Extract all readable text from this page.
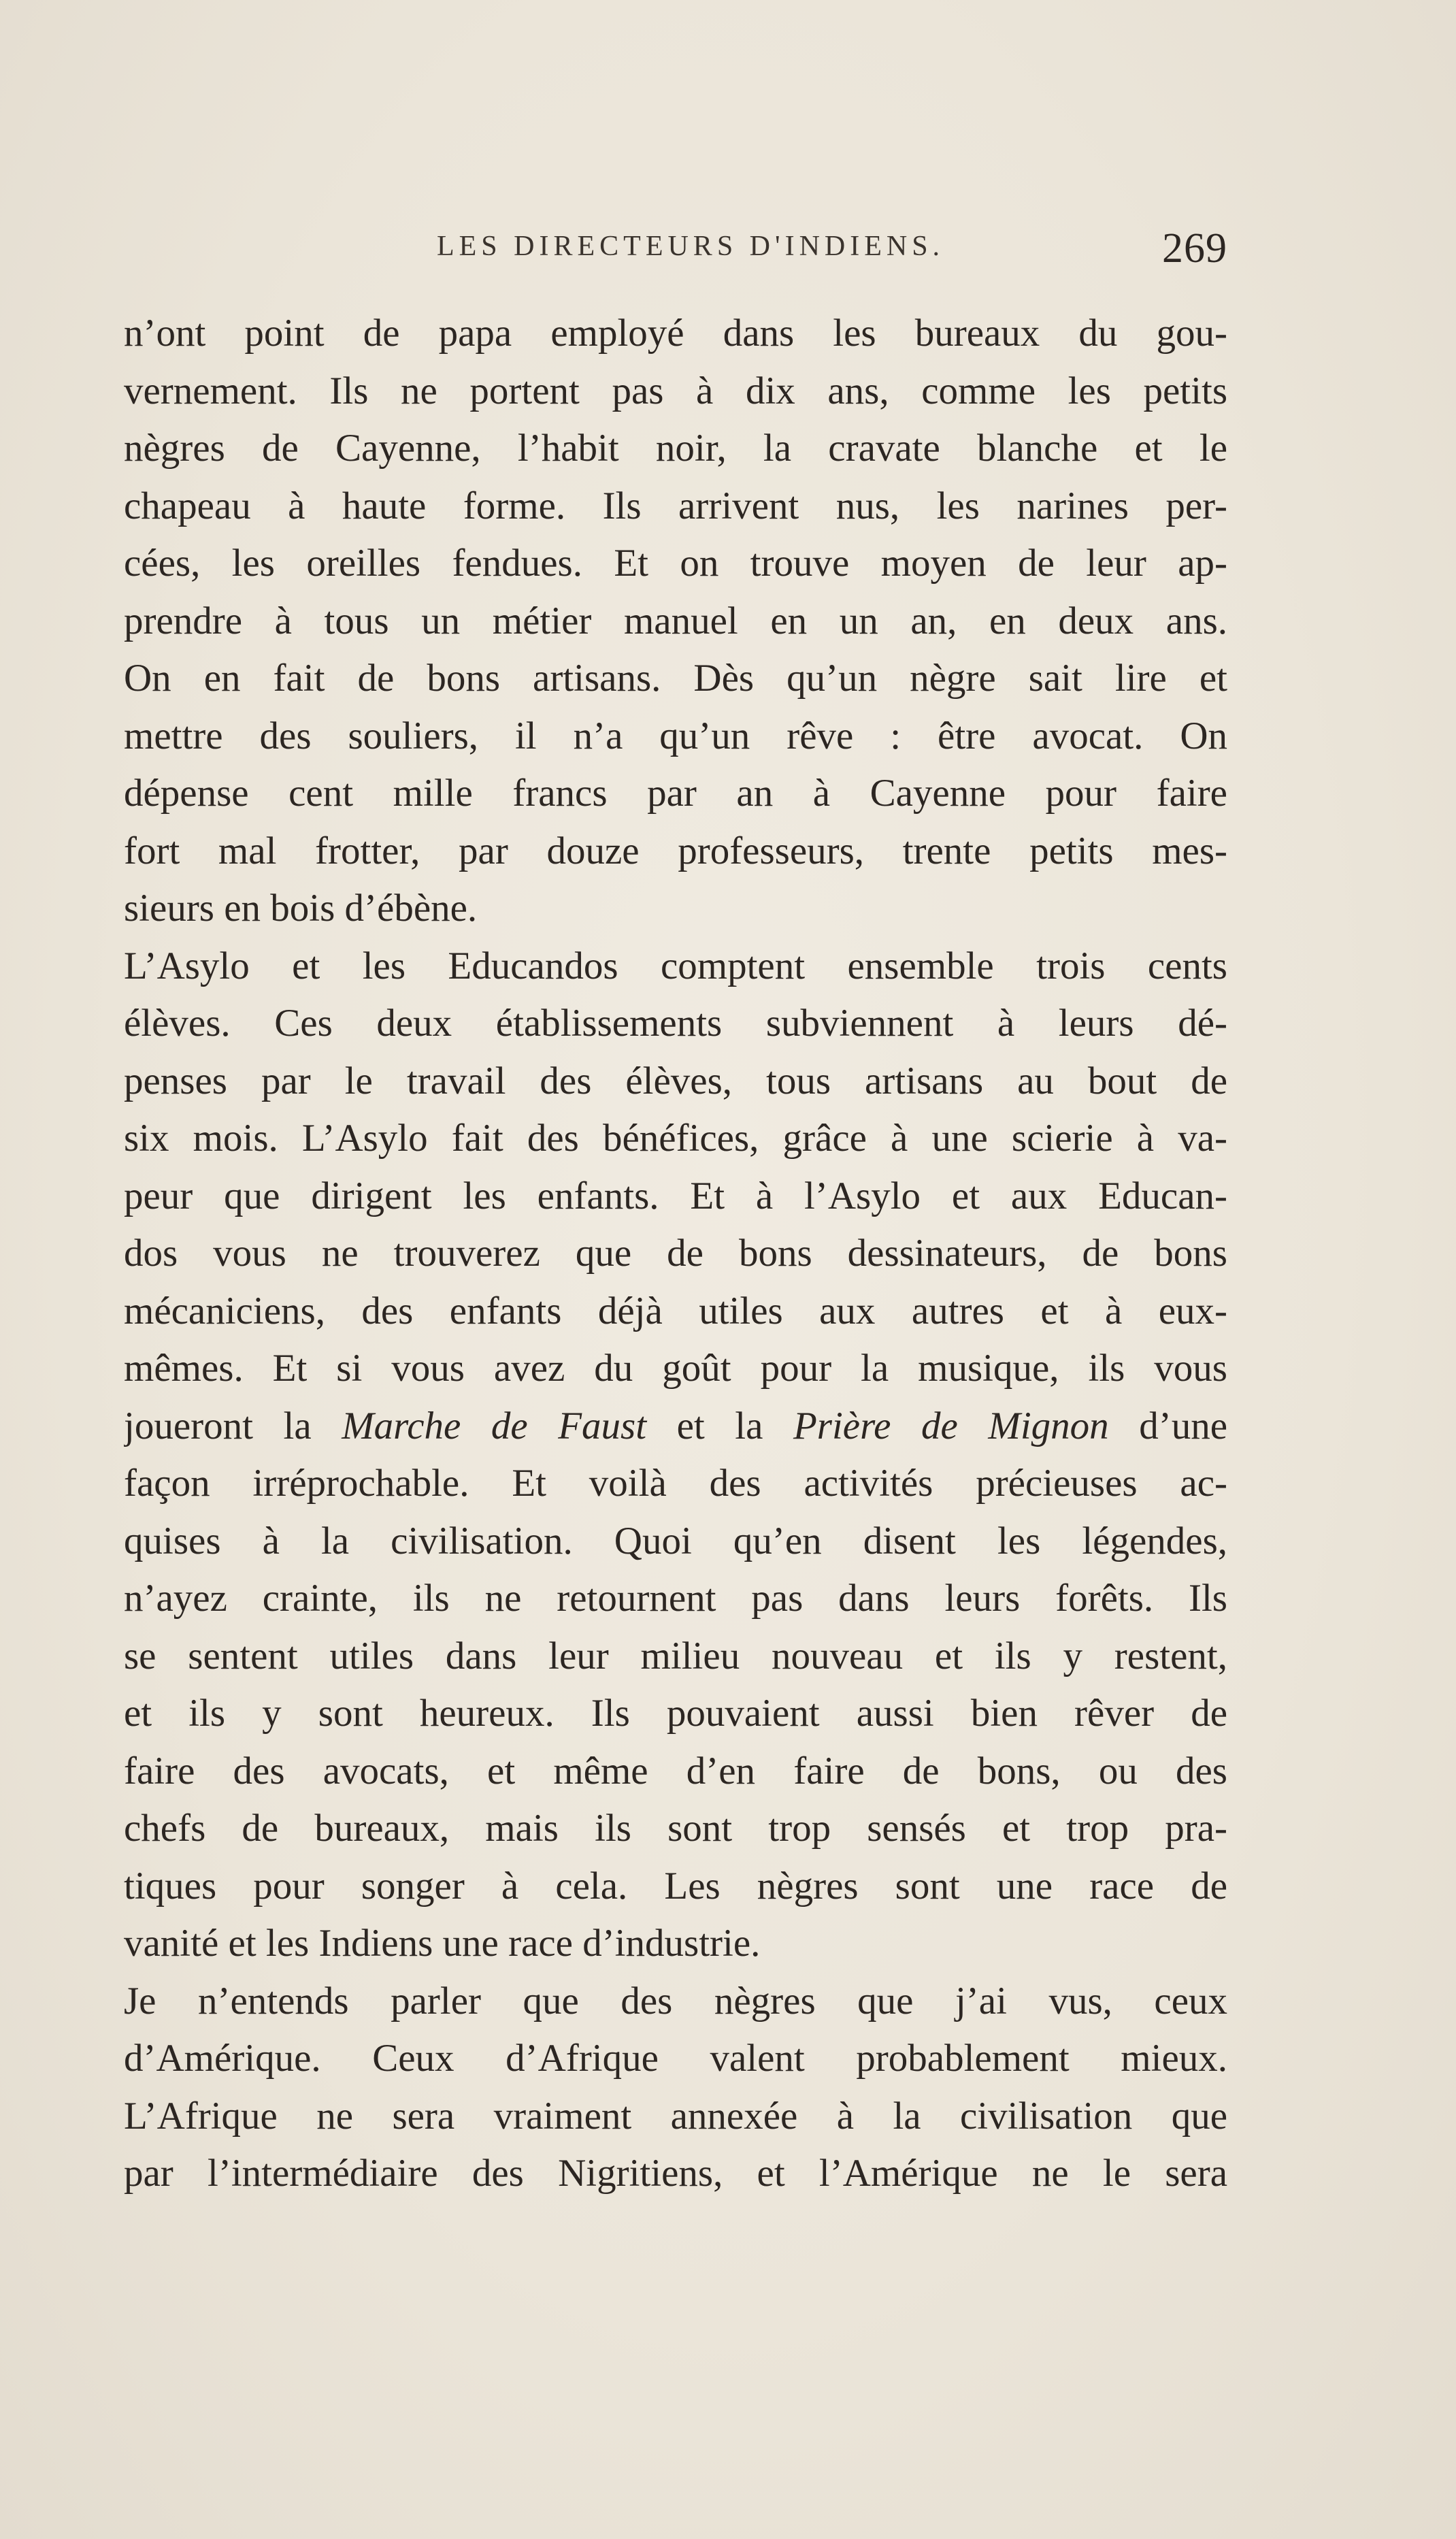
LES DIRECTEURS D'INDIENS.	269
n’ont point de papa employé dans les bureaux du gou-
vernement. Ils ne portent pas à dix ans, comme les petits
nègres de Cayenne, l’habit noir, la cravate blanche et le
chapeau à haute forme. Ils arrivent nus, les narines per-
cées, les oreilles fendues. Et on trouve moyen de leur ap-
prendre à tous un métier manuel en un an, en deux ans.
On en fait de bons artisans. Dès qu’un nègre sait lire et
mettre des souliers, il n’a qu’un rêve : être avocat. On
dépense cent mille francs par an à Cayenne pour faire
fort mal frotter, par douze professeurs, trente petits mes-
sieurs en bois d’ébène.
L’Asylo et les Educandos comptent ensemble trois cents
élèves. Ces deux établissements subviennent à leurs dé-
penses par le travail des élèves, tous artisans au bout de
six mois. L’Asylo fait des bénéfices, grâce à une scierie à va-
peur que dirigent les enfants. Et à l’Asylo et aux Educan-
dos vous ne trouverez que de bons dessinateurs, de bons
mécaniciens, des enfants déjà utiles aux autres et à eux-
mêmes. Et si vous avez du goût pour la musique, ils vous
joueront la Marche de Faust et la Prière de Mignon d’une
façon irréprochable. Et voilà des activités précieuses ac-
quises à la civilisation. Quoi qu’en disent les légendes,
n’ayez crainte, ils ne retournent pas dans leurs forêts. Ils
se sentent utiles dans leur milieu nouveau et ils y restent,
et ils y sont heureux. Ils pouvaient aussi bien rêver de
faire des avocats, et même d’en faire de bons, ou des
chefs de bureaux, mais ils sont trop sensés et trop pra-
tiques pour songer à cela. Les nègres sont une race de
vanité et les Indiens une race d’industrie.
Je n’entends parler que des nègres que j’ai vus, ceux
d’Amérique. Ceux d’Afrique valent probablement mieux.
L’Afrique ne sera vraiment annexée à la civilisation que
par l’intermédiaire des Nigritiens, et l’Amérique ne le sera
